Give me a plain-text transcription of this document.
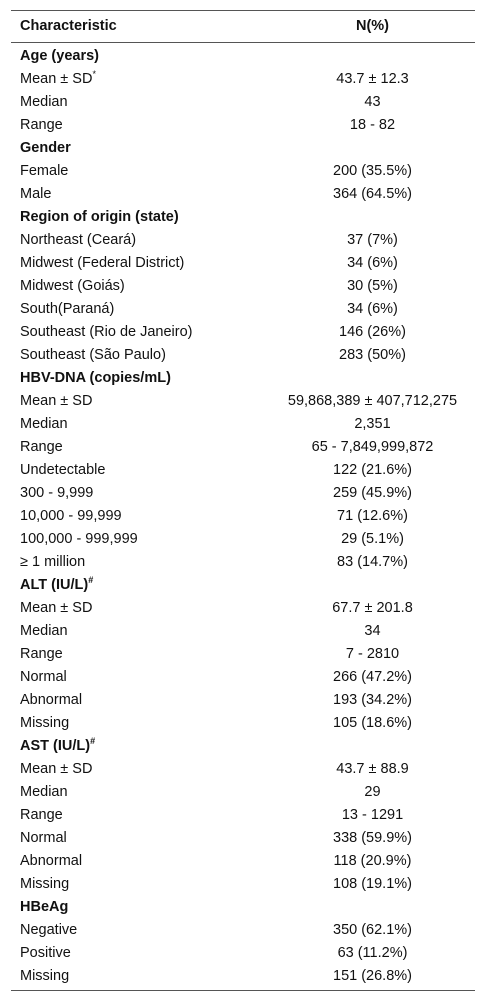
Characteristic	N(%)
Age (years)
Mean ± SD*	43.7 ± 12.3
Median	43
Range	18 - 82
Gender
Female	200 (35.5%)
Male	364 (64.5%)
Region of origin (state)
Northeast (Ceará)	37 (7%)
Midwest (Federal District)	34 (6%)
Midwest (Goiás)	30 (5%)
South(Paraná)	34 (6%)
Southeast (Rio de Janeiro)	146 (26%)
Southeast (São Paulo)	283 (50%)
HBV-DNA (copies/mL)
Mean ± SD	59,868,389 ± 407,712,275
Median	2,351
Range	65 - 7,849,999,872
Undetectable	122 (21.6%)
300 - 9,999	259 (45.9%)
10,000 - 99,999	71 (12.6%)
100,000 - 999,999	29 (5.1%)
≥ 1 million	83 (14.7%)
ALT (IU/L)#
Mean ± SD	67.7 ± 201.8
Median	34
Range	7 - 2810
Normal	266 (47.2%)
Abnormal	193 (34.2%)
Missing	105 (18.6%)
AST (IU/L)#
Mean ± SD	43.7 ± 88.9
Median	29
Range	13 - 1291
Normal	338 (59.9%)
Abnormal	118 (20.9%)
Missing	108 (19.1%)
HBeAg
Negative	350 (62.1%)
Positive	63 (11.2%)
Missing	151 (26.8%)
